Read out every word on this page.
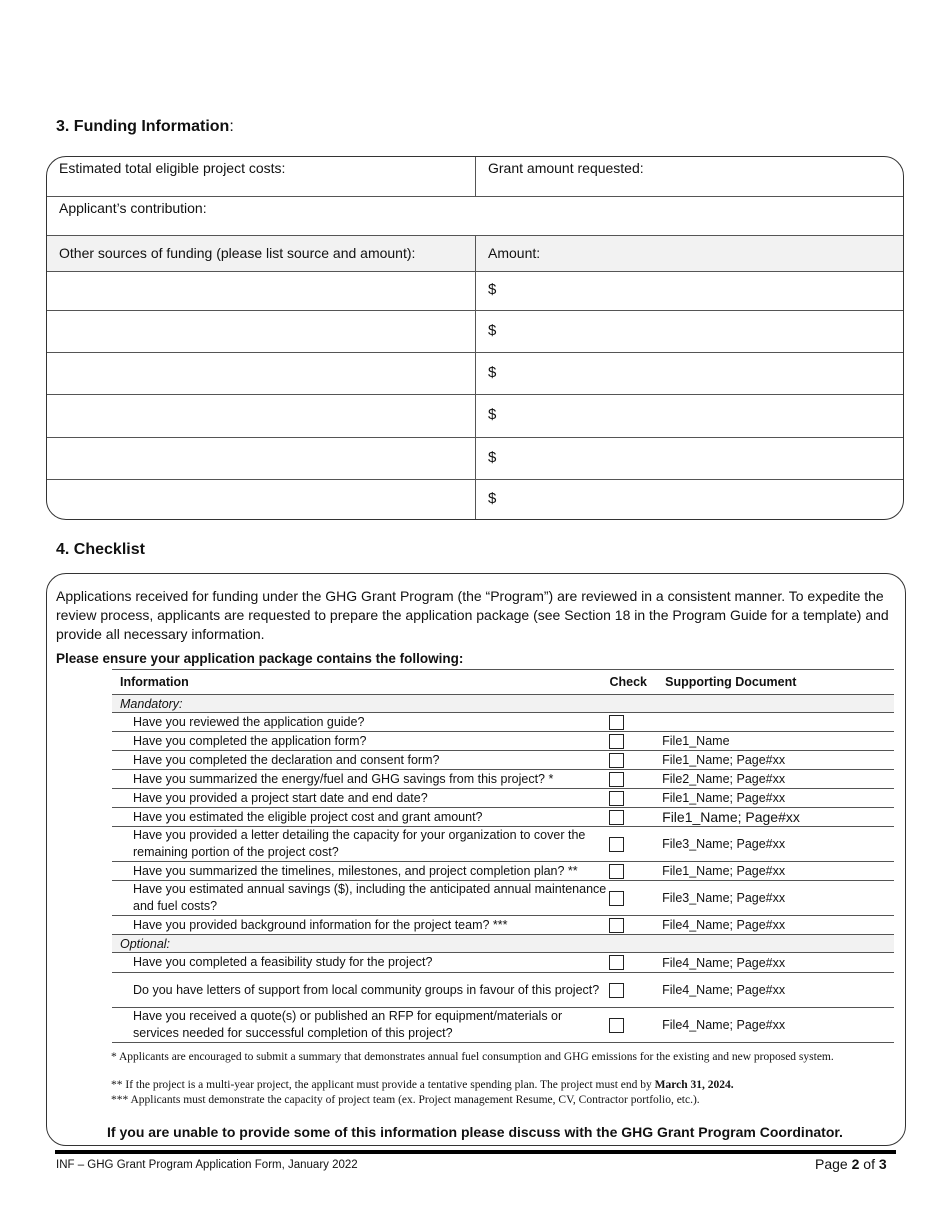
3. Funding Information:
Estimated total eligible project costs:	Grant amount requested:
Applicant’s contribution:
Other sources of funding (please list source and amount):	Amount:
$
$
$
$
$
$
4. Checklist
Applications received for funding under the GHG Grant Program (the “Program”) are reviewed in a consistent manner. To expedite the review process, applicants are requested to prepare the application package (see Section 18 in the Program Guide for a template) and provide all necessary information.
Please ensure your application package contains the following:
Information	Check	Supporting Document
Mandatory:		
Have you reviewed the application guide?		
Have you completed the application form?		File1_Name
Have you completed the declaration and consent form?		File1_Name; Page#xx
Have you summarized the energy/fuel and GHG savings from this project? *		File2_Name; Page#xx
Have you provided a project start date and end date?		File1_Name; Page#xx
Have you estimated the eligible project cost and grant amount?		File1_Name; Page#xx
Have you provided a letter detailing the capacity for your organization to cover the remaining portion of the project cost?		File3_Name; Page#xx
Have you summarized the timelines, milestones, and project completion plan? **		File1_Name; Page#xx
Have you estimated annual savings ($), including the anticipated annual maintenance and fuel costs?		File3_Name; Page#xx
Have you provided background information for the project team? ***		File4_Name; Page#xx
Optional:		
Have you completed a feasibility study for the project?		File4_Name; Page#xx
Do you have letters of support from local community groups in favour of this project?		File4_Name; Page#xx
Have you received a quote(s) or published an RFP for equipment/materials or services needed for successful completion of this project?		File4_Name; Page#xx
* Applicants are encouraged to submit a summary that demonstrates annual fuel consumption and GHG emissions for the existing and new proposed system.
** If the project is a multi-year project, the applicant must provide a tentative spending plan. The project must end by March 31, 2024.
*** Applicants must demonstrate the capacity of project team (ex. Project management Resume, CV, Contractor portfolio, etc.).
If you are unable to provide some of this information please discuss with the GHG Grant Program Coordinator.
INF – GHG Grant Program Application Form, January 2022	Page 2 of 3
